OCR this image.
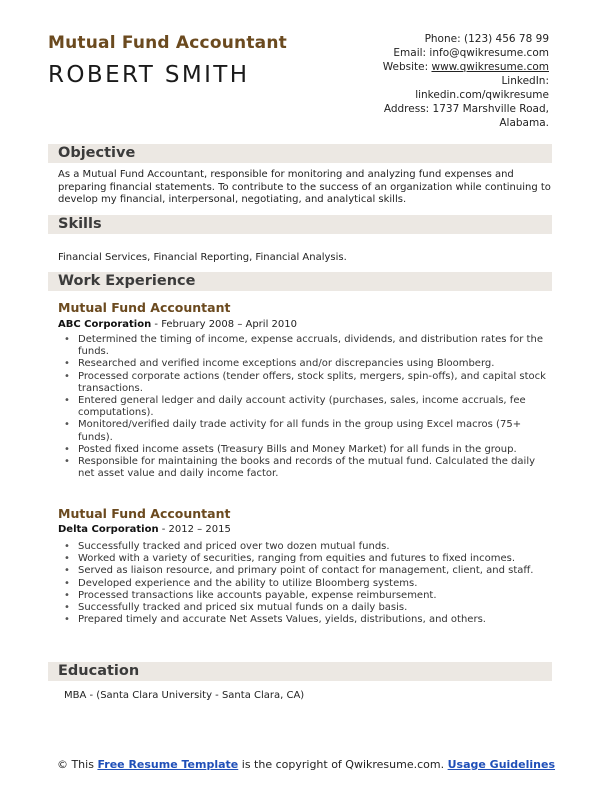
Mutual Fund Accountant
ROBERT SMITH
Phone: (123) 456 78 99
Email: info@qwikresume.com
Website: www.qwikresume.com
LinkedIn:
linkedin.com/qwikresume
Address: 1737 Marshville Road,
Alabama.
Objective
As a Mutual Fund Accountant, responsible for monitoring and analyzing fund expenses and preparing financial statements. To contribute to the success of an organization while continuing to develop my financial, interpersonal, negotiating, and analytical skills.
Skills
Financial Services, Financial Reporting, Financial Analysis.
Work Experience
Mutual Fund Accountant
ABC Corporation - February 2008 – April 2010
• Determined the timing of income, expense accruals, dividends, and distribution rates for the funds.
• Researched and verified income exceptions and/or discrepancies using Bloomberg.
• Processed corporate actions (tender offers, stock splits, mergers, spin-offs), and capital stock transactions.
• Entered general ledger and daily account activity (purchases, sales, income accruals, fee computations).
• Monitored/verified daily trade activity for all funds in the group using Excel macros (75+ funds).
• Posted fixed income assets (Treasury Bills and Money Market) for all funds in the group.
• Responsible for maintaining the books and records of the mutual fund. Calculated the daily net asset value and daily income factor.
Mutual Fund Accountant
Delta Corporation - 2012 – 2015
• Successfully tracked and priced over two dozen mutual funds.
• Worked with a variety of securities, ranging from equities and futures to fixed incomes.
• Served as liaison resource, and primary point of contact for management, client, and staff.
• Developed experience and the ability to utilize Bloomberg systems.
• Processed transactions like accounts payable, expense reimbursement.
• Successfully tracked and priced six mutual funds on a daily basis.
• Prepared timely and accurate Net Assets Values, yields, distributions, and others.
Education
MBA - (Santa Clara University - Santa Clara, CA)
© This Free Resume Template is the copyright of Qwikresume.com. Usage Guidelines
